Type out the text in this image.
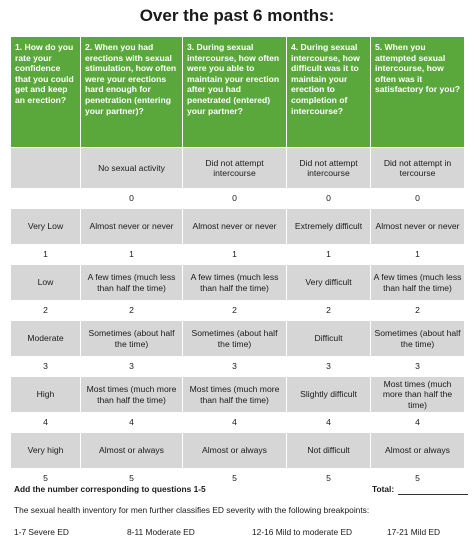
Over the past 6 months:
1. How do you rate your confidence that you could get and keep an erection?	2. When you had erections with sexual stimulation, how often were your erections hard enough for penetration (entering your partner)?	3. During sexual intercourse, how often were you able to maintain your erection after you had penetrated (entered) your partner?	4. During sexual intercourse, how difficult was it to maintain your erection to completion of intercourse?	5. When you attempted sexual intercourse, how often was it satisfactory for you?
	No sexual activity	Did not attempt intercourse	Did not attempt intercourse	Did not attempt in tercourse
	0	0	0	0
Very Low	Almost never or never	Almost never or never	Extremely difficult	Almost never or never
1	1	1	1	1
Low	A few times (much less than half the time)	A few times (much less than half the time)	Very difficult	A few times (much less than half the time)
2	2	2	2	2
Moderate	Sometimes (about half the time)	Sometimes (about half the time)	Difficult	Sometimes (about half the time)
3	3	3	3	3
High	Most times (much more than half the time)	Most times (much more than half the time)	Slightly difficult	Most times (much more than half the time)
4	4	4	4	4
Very high	Almost or always	Almost or always	Not difficult	Almost or always
5	5	5	5	5
Add the number corresponding to questions 1-5	Total:
The sexual health inventory for men further classifies ED severity with the following breakpoints:
1-7 Severe ED	8-11 Moderate ED	12-16 Mild to moderate ED	17-21 Mild ED
